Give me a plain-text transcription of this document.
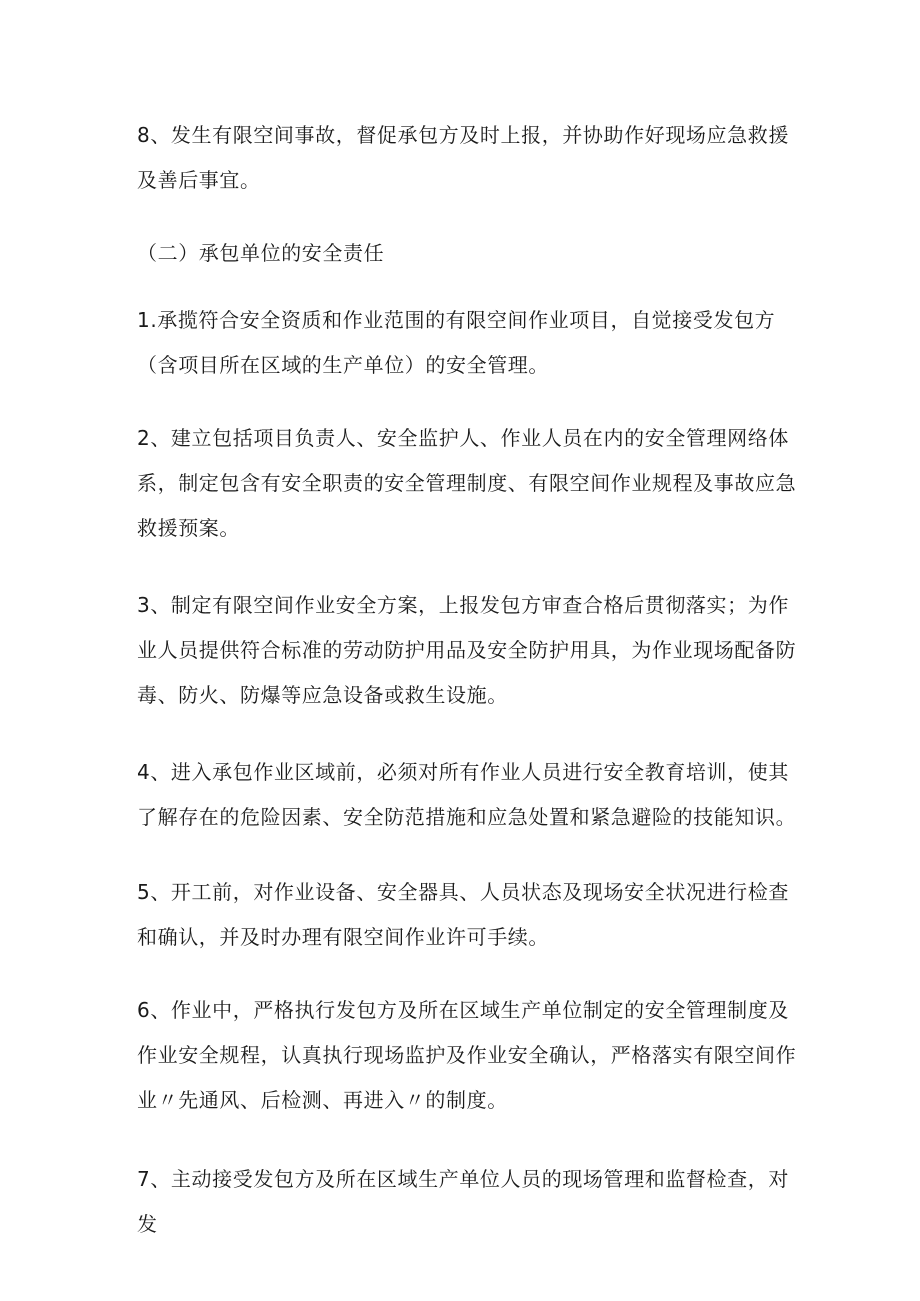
8、发生有限空间事故，督促承包方及时上报，并协助作好现场应急救援及善后事宜。
（二）承包单位的安全责任
1.承揽符合安全资质和作业范围的有限空间作业项目，自觉接受发包方（含项目所在区域的生产单位）的安全管理。
2、建立包括项目负责人、安全监护人、作业人员在内的安全管理网络体系，制定包含有安全职责的安全管理制度、有限空间作业规程及事故应急救援预案。
3、制定有限空间作业安全方案，上报发包方审查合格后贯彻落实；为作业人员提供符合标准的劳动防护用品及安全防护用具，为作业现场配备防毒、防火、防爆等应急设备或救生设施。
4、进入承包作业区域前，必须对所有作业人员进行安全教育培训，使其了解存在的危险因素、安全防范措施和应急处置和紧急避险的技能知识。
5、开工前，对作业设备、安全器具、人员状态及现场安全状况进行检查和确认，并及时办理有限空间作业许可手续。
6、作业中，严格执行发包方及所在区域生产单位制定的安全管理制度及作业安全规程，认真执行现场监护及作业安全确认，严格落实有限空间作业〃先通风、后检测、再进入〃的制度。
7、主动接受发包方及所在区域生产单位人员的现场管理和监督检查，对发
